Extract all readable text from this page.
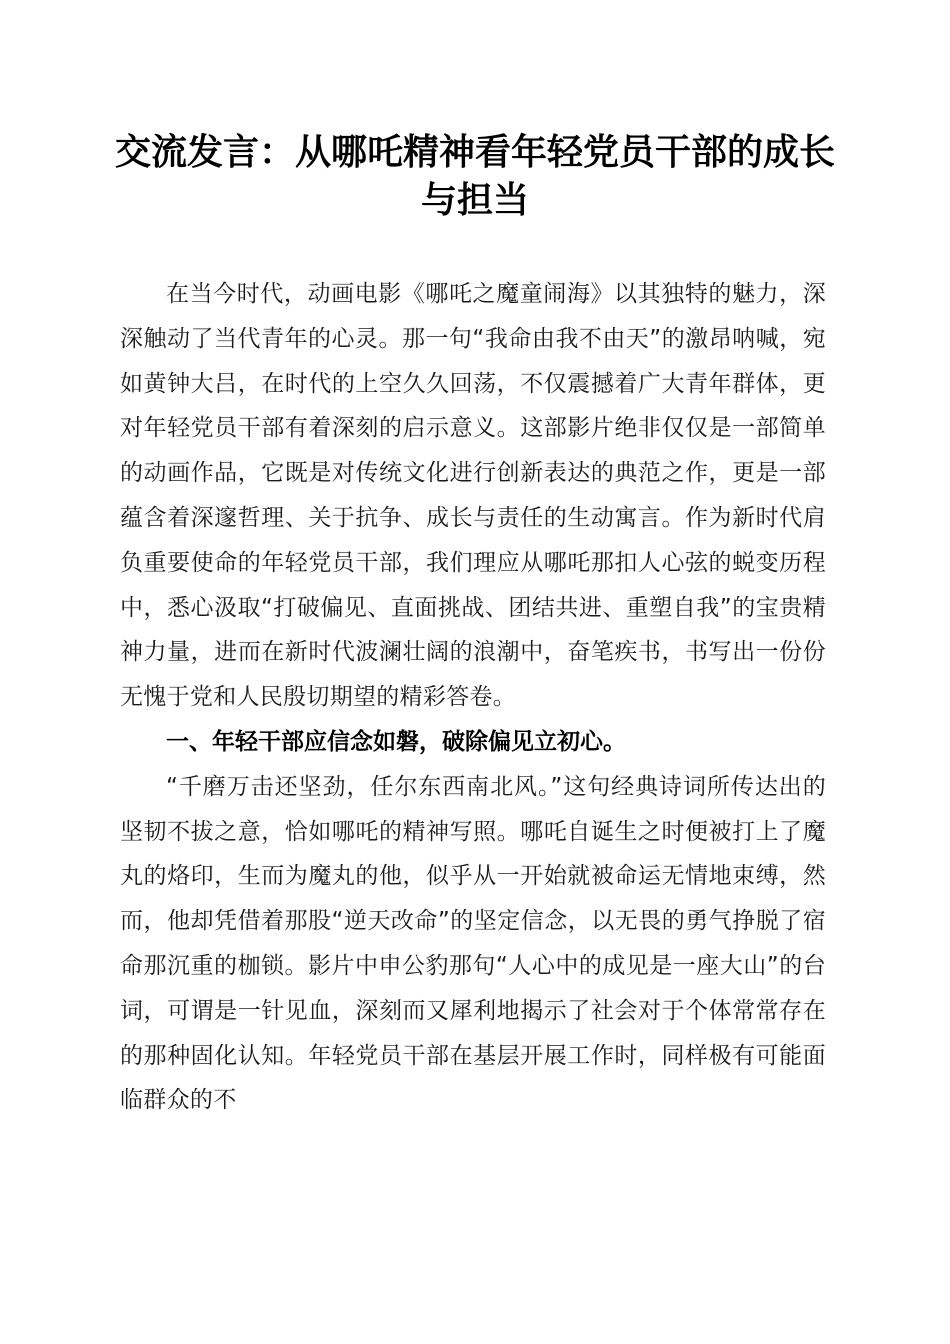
交流发言：从哪吒精神看年轻党员干部的成长
与担当

在当今时代，动画电影《哪吒之魔童闹海》以其独特的魅力，深深触动了当代青年的心灵。那一句“我命由我不由天”的激昂呐喊，宛如黄钟大吕，在时代的上空久久回荡，不仅震撼着广大青年群体，更对年轻党员干部有着深刻的启示意义。这部影片绝非仅仅是一部简单的动画作品，它既是对传统文化进行创新表达的典范之作，更是一部蕴含着深邃哲理、关于抗争、成长与责任的生动寓言。作为新时代肩负重要使命的年轻党员干部，我们理应从哪吒那扣人心弦的蜕变历程中，悉心汲取“打破偏见、直面挑战、团结共进、重塑自我”的宝贵精神力量，进而在新时代波澜壮阔的浪潮中，奋笔疾书，书写出一份份无愧于党和人民殷切期望的精彩答卷。

一、年轻干部应信念如磐，破除偏见立初心。

“千磨万击还坚劲，任尔东西南北风。”这句经典诗词所传达出的坚韧不拔之意，恰如哪吒的精神写照。哪吒自诞生之时便被打上了魔丸的烙印，生而为魔丸的他，似乎从一开始就被命运无情地束缚，然而，他却凭借着那股“逆天改命”的坚定信念，以无畏的勇气挣脱了宿命那沉重的枷锁。影片中申公豹那句“人心中的成见是一座大山”的台词，可谓是一针见血，深刻而又犀利地揭示了社会对于个体常常存在的那种固化认知。年轻党员干部在基层开展工作时，同样极有可能面临群众的不
